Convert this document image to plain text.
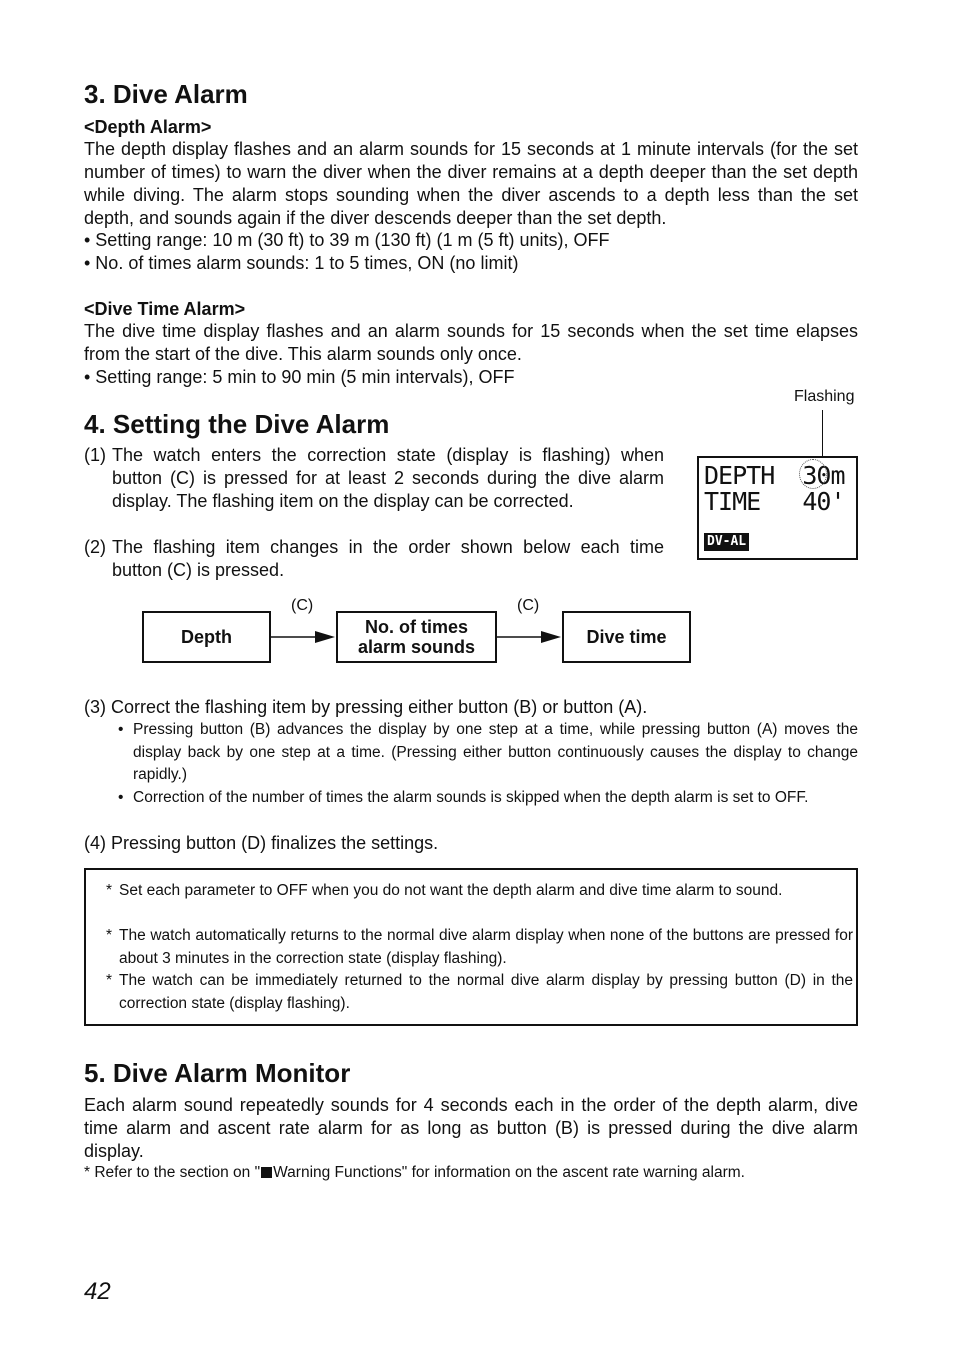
3. Dive Alarm

<Depth Alarm>

The depth display flashes and an alarm sounds for 15 seconds at 1 minute intervals (for the set number of times) to warn the diver when the diver remains at a depth deeper than the set depth while diving. The alarm stops sounding when the diver ascends to a depth less than the set depth, and sounds again if the diver descends deeper than the set depth.

• Setting range: 10 m (30 ft) to 39 m (130 ft) (1 m (5 ft) units), OFF

• No. of times alarm sounds: 1 to 5 times, ON (no limit)

<Dive Time Alarm>

The dive time display flashes and an alarm sounds for 15 seconds when the set time elapses from the start of the dive. This alarm sounds only once.

• Setting range: 5 min to 90 min (5 min intervals), OFF

4. Setting the Dive Alarm
(1) The watch enters the correction state (display is flashing) when button (C) is pressed for at least 2 seconds during the dive alarm display. The flashing item on the display can be corrected.
(2) The flashing item changes in the order shown below each time button (C) is pressed.
Flashing
DEPTH  30m
TIME   40'
DV-AL
Depth
(C)
No. of times
alarm sounds
(C)
Dive time

(3) Correct the flashing item by pressing either button (B) or button (A).

• Pressing button (B) advances the display by one step at a time, while pressing button (A) moves the display back by one step at a time. (Pressing either button continuously causes the display to change rapidly.)

• Correction of the number of times the alarm sounds is skipped when the depth alarm is set to OFF.

(4) Pressing button (D) finalizes the settings.

* Set each parameter to OFF when you do not want the depth alarm and dive time alarm to sound.
* The watch automatically returns to the normal dive alarm display when none of the buttons are pressed for about 3 minutes in the correction state (display flashing).
* The watch can be immediately returned to the normal dive alarm display by pressing button (D) in the correction state (display flashing).
5. Dive Alarm Monitor

Each alarm sound repeatedly sounds for 4 seconds each in the order of the depth alarm, dive time alarm and ascent rate alarm for as long as button (B) is pressed during the dive alarm display.

* Refer to the section on " Warning Functions" for information on the ascent rate warning alarm.

42
